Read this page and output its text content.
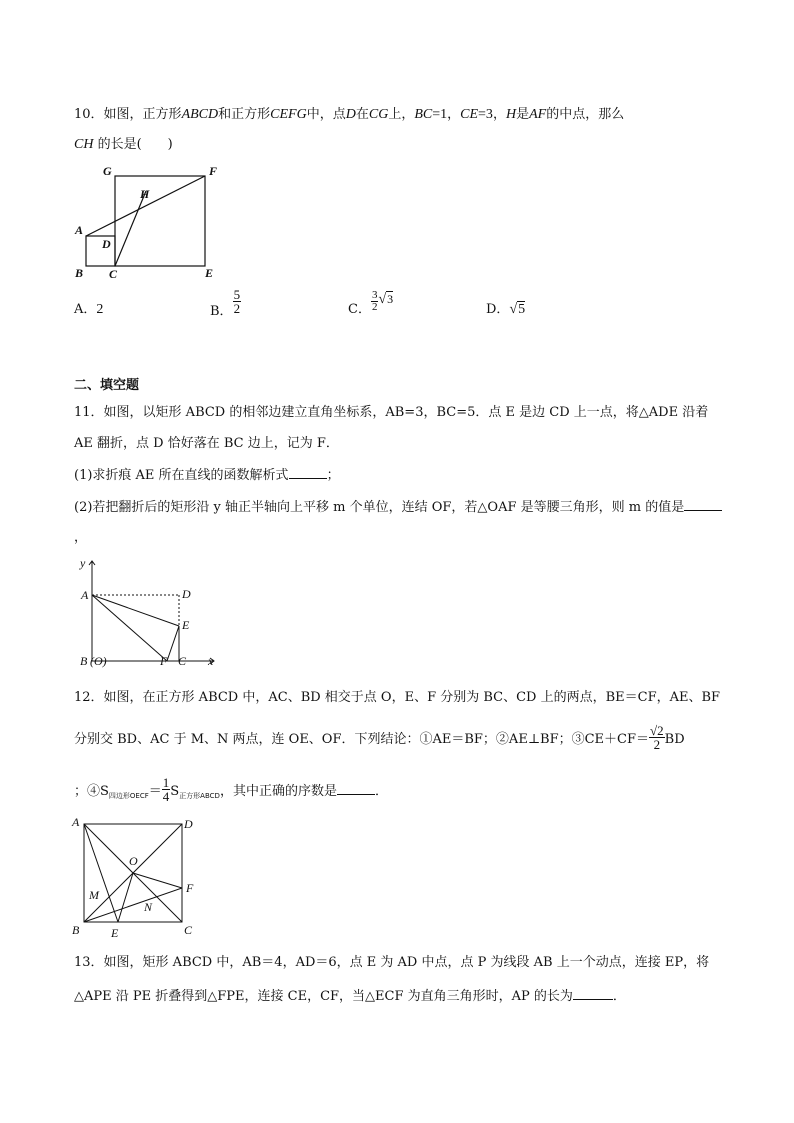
10．如图，正方形ABCD和正方形CEFG中，点D在CG上，BC=1，CE=3，H是AF的中点，那么
CH 的长是(　　)
G	F
H
A
D
B C	E
A．2	B． $\frac{5}{2}$	C． $\frac{3}{2} √3$
D．√5
二、填空题
11．如图，以矩形 ABCD 的相邻边建立直角坐标系，AB=3，BC=5．点 E 是边 CD 上一点，将△ADE 沿着
AE 翻折，点 D 恰好落在 BC 边上，记为 F．
(1)求折痕 AE 所在直线的函数解析式	；
(2)若把翻折后的矩形沿 y 轴正半轴向上平移 m 个单位，连结 OF，若△OAF 是等腰三角形，则 m 的值是
，
y
A	D
E
B (O)	F C x
12．如图，在正方形 ABCD 中，AC、BD 相交于点 O，E、F 分别为 BC、CD 上的两点，BE＝CF，AE、BF
分别交 BD、AC 于 M、N 两点，连 OE、OF．下列结论：①AE＝BF；②AE⊥BF；③CE＋CF＝ $\frac{√2}{2}$ BD
；$④S_{四边形OECF}= \frac{1}{4} S_{正方形ABCD}$，其中正确的序数是	．
A	D
O
F
M
N
B	E	C
13．如图，矩形 ABCD 中，AB＝4，AD＝6，点 E 为 AD 中点，点 P 为线段 AB 上一个动点，连接 EP，将
△APE 沿 PE 折叠得到△FPE，连接 CE，CF，当△ECF 为直角三角形时，AP 的长为	．
